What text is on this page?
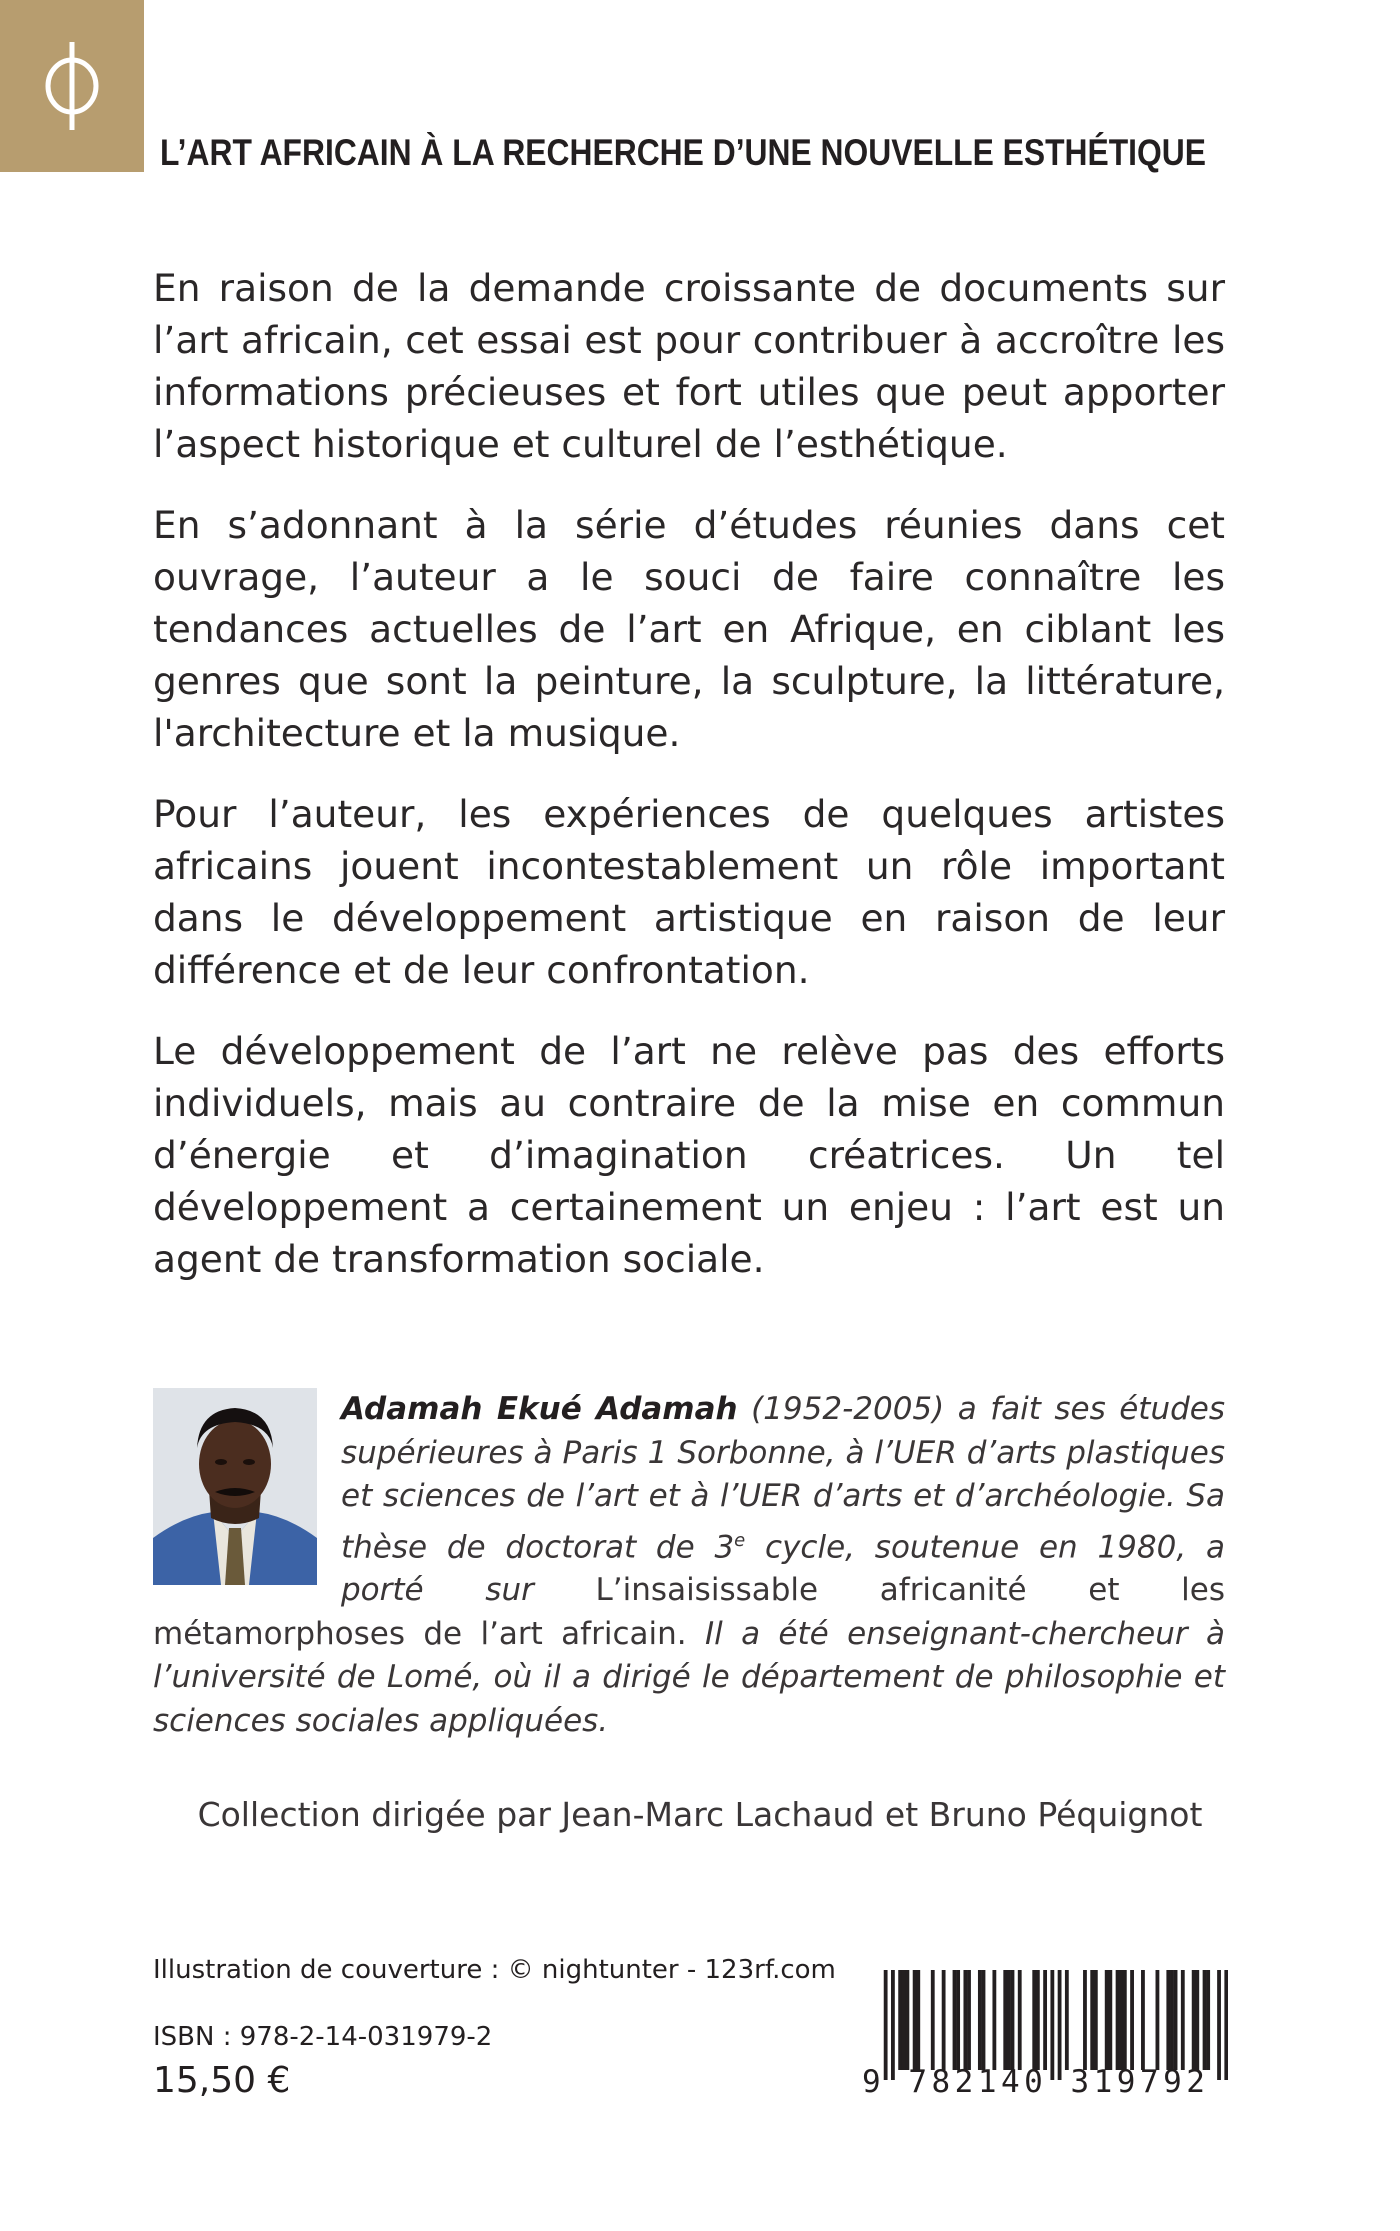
L’ART AFRICAIN À LA RECHERCHE D’UNE NOUVELLE ESTHÉTIQUE

En raison de la demande croissante de documents sur l’art africain, cet essai est pour contribuer à accroître les informations précieuses et fort utiles que peut apporter l’aspect historique et culturel de l’esthétique.

En s’adonnant à la série d’études réunies dans cet ouvrage, l’auteur a le souci de faire connaître les tendances actuelles de l’art en Afrique, en ciblant les genres que sont la peinture, la sculpture, la littérature, l'architecture et la musique.

Pour l’auteur, les expériences de quelques artistes africains jouent incontestablement un rôle important dans le développement artistique en raison de leur différence et de leur confrontation.

Le développement de l’art ne relève pas des efforts individuels, mais au contraire de la mise en commun d’énergie et d’imagination créatrices. Un tel développement a certainement un enjeu : l’art est un agent de transformation sociale.

Adamah Ekué Adamah (1952-2005) a fait ses études supérieures à Paris 1 Sorbonne, à l’UER d’arts plastiques et sciences de l’art et à l’UER d’arts et d’archéologie. Sa thèse de doctorat de 3e cycle, soutenue en 1980, a porté sur L’insaisissable africanité et les métamorphoses de l’art africain. Il a été enseignant-chercheur à l’université de Lomé, où il a dirigé le département de philosophie et sciences sociales appliquées.

Collection dirigée par Jean-Marc Lachaud et Bruno Péquignot
Illustration de couverture : © nightunter - 123rf.com
ISBN : 978-2-14-031979-2
15,50 €	9 782140 319792
